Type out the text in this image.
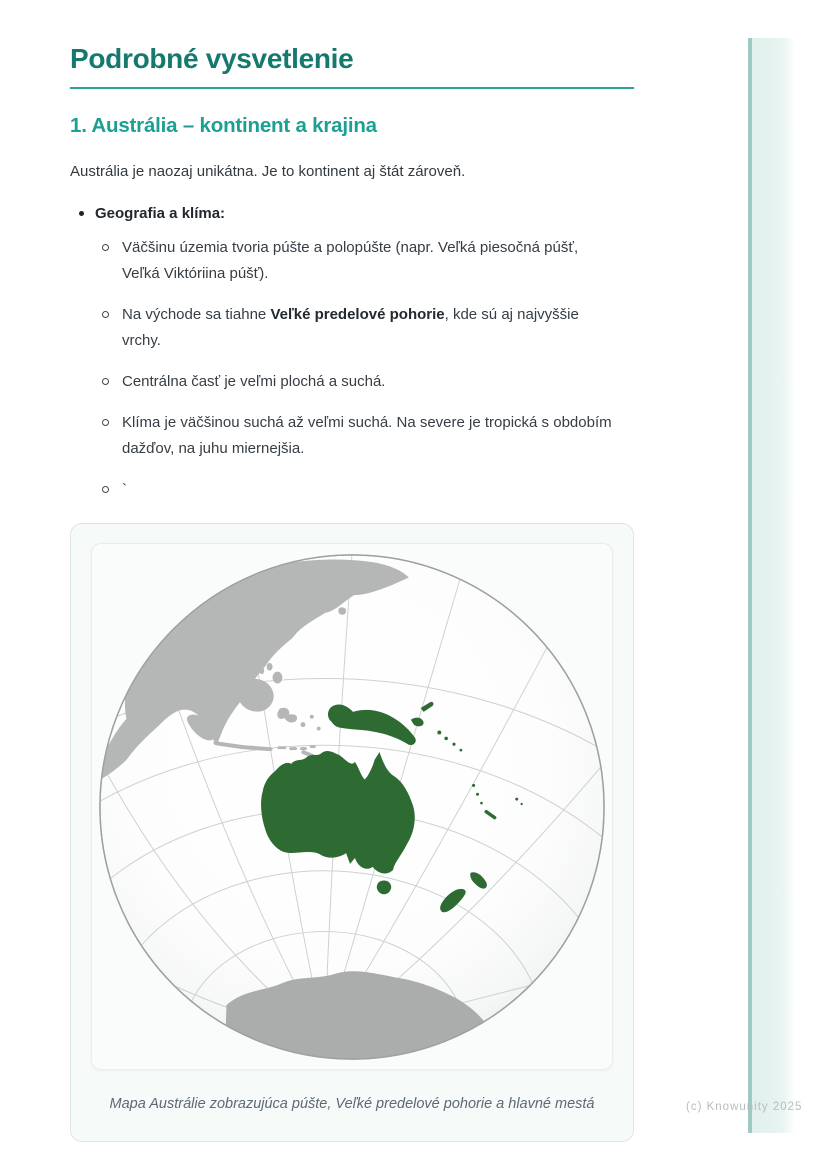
Podrobné vysvetlenie
1. Austrália – kontinent a krajina

Austrália je naozaj unikátna. Je to kontinent aj štát zároveň.

Geografia a klíma:
Väčšinu územia tvoria púšte a polopúšte (napr. Veľká piesočná púšť, Veľká Viktóriina púšť).
Na východe sa tiahne Veľké predelové pohorie, kde sú aj najvyššie vrchy.
Centrálna časť je veľmi plochá a suchá.
Klíma je väčšinou suchá až veľmi suchá. Na severe je tropická s obdobím dažďov, na juhu miernejšia.
`
Mapa Austrálie zobrazujúca púšte, Veľké predelové pohorie a hlavné mestá	(c) Knowunity 2025
